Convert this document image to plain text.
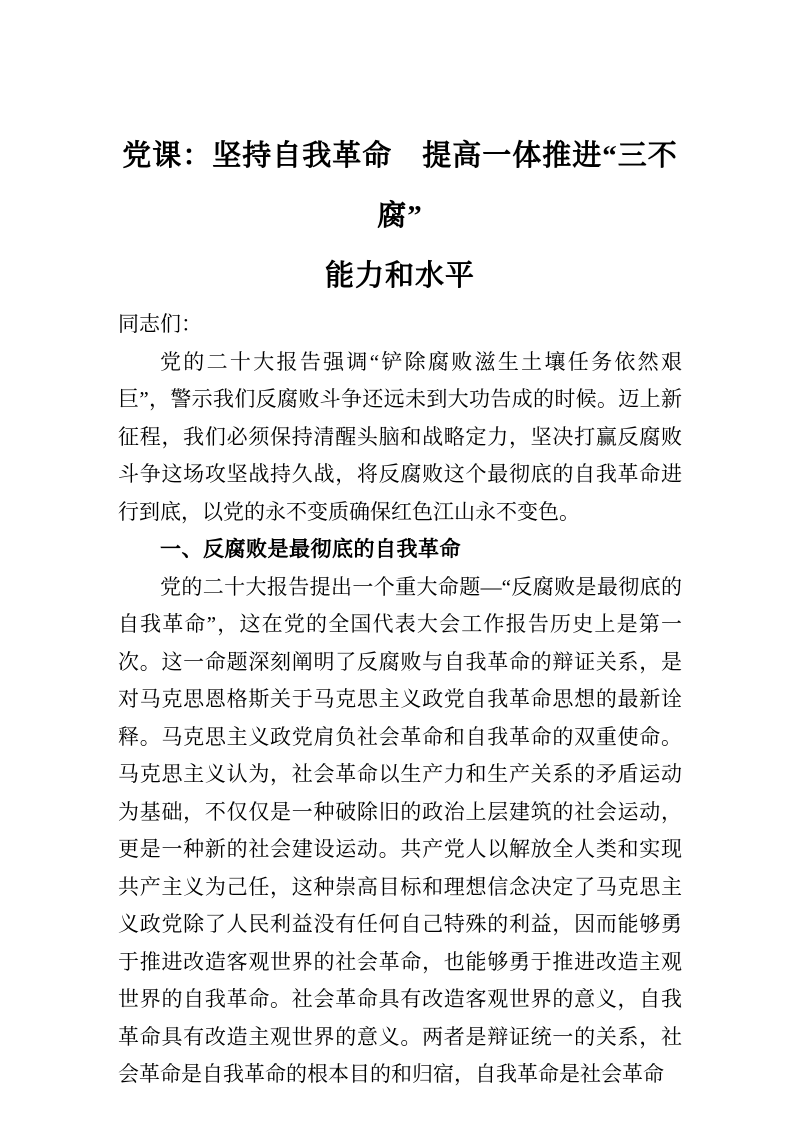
党课：坚持自我革命　提高一体推进“三不腐”
能力和水平

同志们：

党的二十大报告强调“铲除腐败滋生土壤任务依然艰巨”，警示我们反腐败斗争还远未到大功告成的时候。迈上新征程，我们必须保持清醒头脑和战略定力，坚决打赢反腐败斗争这场攻坚战持久战，将反腐败这个最彻底的自我革命进行到底，以党的永不变质确保红色江山永不变色。

一、反腐败是最彻底的自我革命

党的二十大报告提出一个重大命题—“反腐败是最彻底的自我革命”，这在党的全国代表大会工作报告历史上是第一次。这一命题深刻阐明了反腐败与自我革命的辩证关系，是对马克思恩格斯关于马克思主义政党自我革命思想的最新诠释。马克思主义政党肩负社会革命和自我革命的双重使命。马克思主义认为，社会革命以生产力和生产关系的矛盾运动为基础，不仅仅是一种破除旧的政治上层建筑的社会运动，更是一种新的社会建设运动。共产党人以解放全人类和实现共产主义为己任，这种崇高目标和理想信念决定了马克思主义政党除了人民利益没有任何自己特殊的利益，因而能够勇于推进改造客观世界的社会革命，也能够勇于推进改造主观世界的自我革命。社会革命具有改造客观世界的意义，自我革命具有改造主观世界的意义。两者是辩证统一的关系，社会革命是自我革命的根本目的和归宿，自我革命是社会革命
